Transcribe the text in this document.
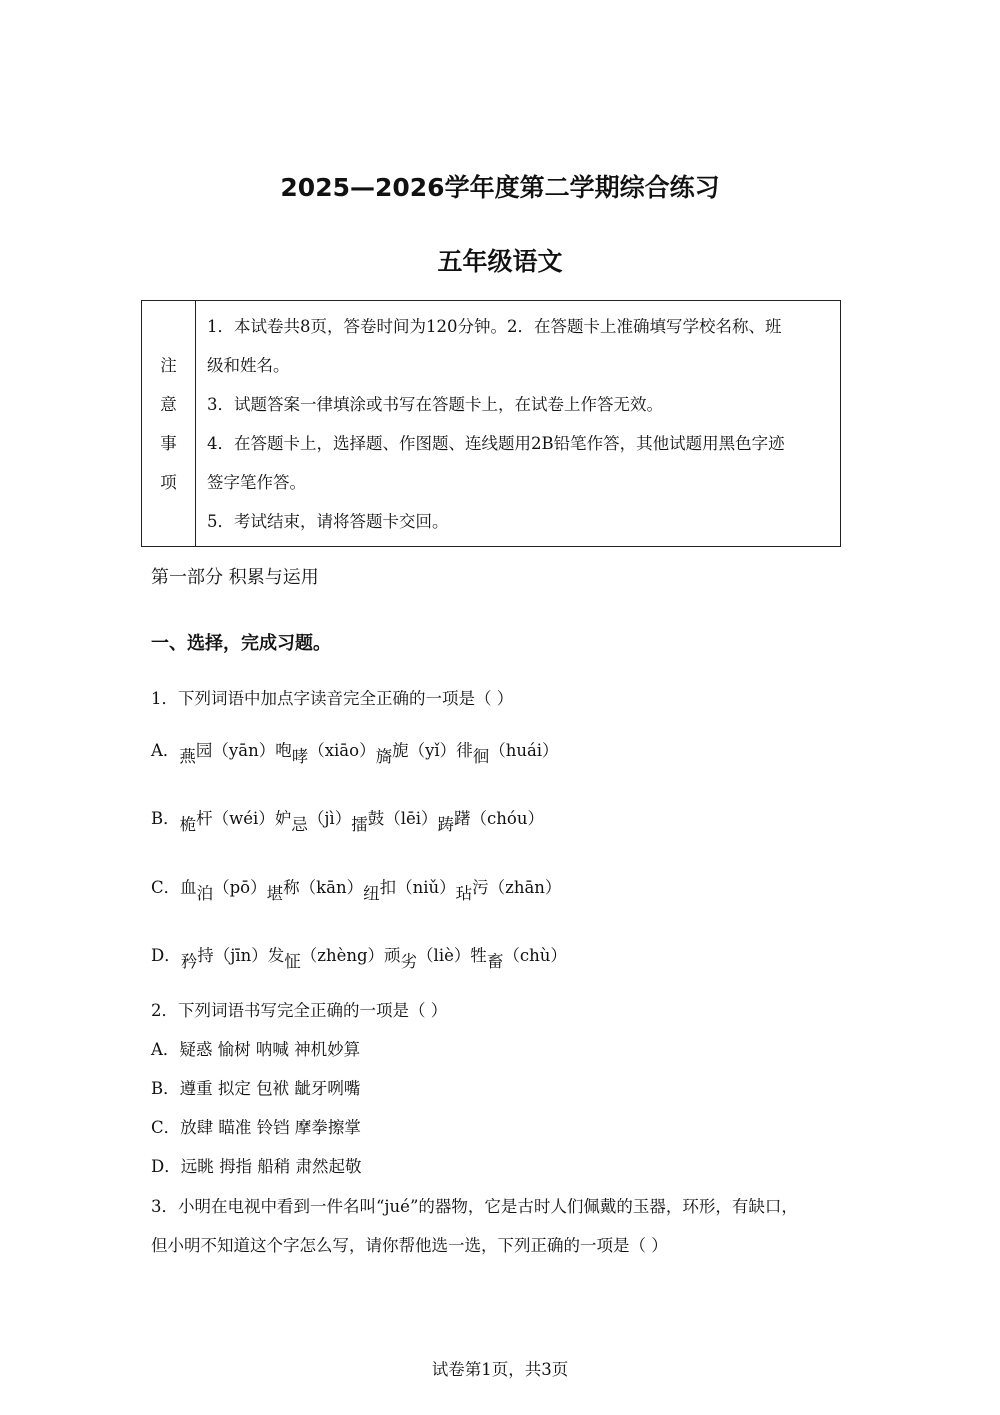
2025—2026学年度第二学期综合练习
五年级语文
注
意
事
项

1．本试卷共8页，答卷时间为120分钟。2．在答题卡上准确填写学校名称、班

级和姓名。

3．试题答案一律填涂或书写在答题卡上，在试卷上作答无效。

4．在答题卡上，选择题、作图题、连线题用2B铅笔作答，其他试题用黑色字迹

签字笔作答。

5．考试结束，请将答题卡交回。

第一部分 积累与运用
一、选择，完成习题。
1．下列词语中加点字读音完全正确的一项是（ ）
A．燕园（yān）咆哮（xiāo）旖旎（yǐ）徘徊（huái）
B．桅杆（wéi）妒忌（jì）擂鼓（lēi）踌躇（chóu）
C．血泊（pō）堪称（kān）纽扣（niǔ）玷污（zhān）
D．矜持（jīn）发怔（zhèng）顽劣（liè）牲畜（chù）
2．下列词语书写完全正确的一项是（ ）
A．疑惑 愉树 呐喊 神机妙算
B．遵重 拟定 包袱 龇牙咧嘴
C．放肆 瞄准 铃铛 摩拳擦掌
D．远眺 拇指 船稍 肃然起敬
3．小明在电视中看到一件名叫“jué”的器物，它是古时人们佩戴的玉器，环形，有缺口，
但小明不知道这个字怎么写，请你帮他选一选，下列正确的一项是（ ）
试卷第1页，共3页
